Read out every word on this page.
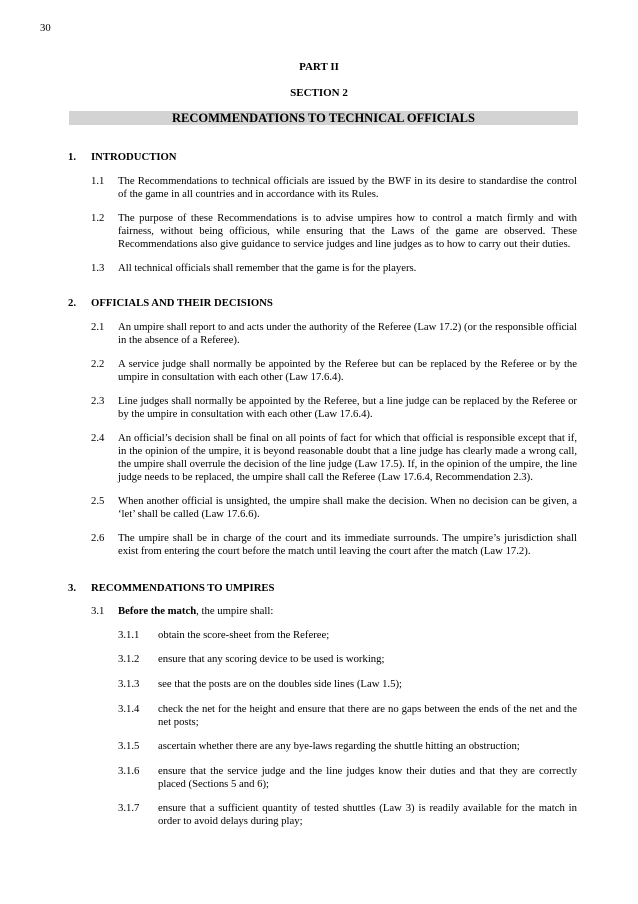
30
PART II
SECTION 2
RECOMMENDATIONS TO TECHNICAL OFFICIALS
1. INTRODUCTION
1.1 The Recommendations to technical officials are issued by the BWF in its desire to standardise the control of the game in all countries and in accordance with its Rules.
1.2 The purpose of these Recommendations is to advise umpires how to control a match firmly and with fairness, without being officious, while ensuring that the Laws of the game are observed. These Recommendations also give guidance to service judges and line judges as to how to carry out their duties.
1.3 All technical officials shall remember that the game is for the players.
2. OFFICIALS AND THEIR DECISIONS
2.1 An umpire shall report to and acts under the authority of the Referee (Law 17.2) (or the responsible official in the absence of a Referee).
2.2 A service judge shall normally be appointed by the Referee but can be replaced by the Referee or by the umpire in consultation with each other (Law 17.6.4).
2.3 Line judges shall normally be appointed by the Referee, but a line judge can be replaced by the Referee or by the umpire in consultation with each other (Law 17.6.4).
2.4 An official’s decision shall be final on all points of fact for which that official is responsible except that if, in the opinion of the umpire, it is beyond reasonable doubt that a line judge has clearly made a wrong call, the umpire shall overrule the decision of the line judge (Law 17.5). If, in the opinion of the umpire, the line judge needs to be replaced, the umpire shall call the Referee (Law 17.6.4, Recommendation 2.3).
2.5 When another official is unsighted, the umpire shall make the decision. When no decision can be given, a ‘let’ shall be called (Law 17.6.6).
2.6 The umpire shall be in charge of the court and its immediate surrounds. The umpire’s jurisdiction shall exist from entering the court before the match until leaving the court after the match (Law 17.2).
3. RECOMMENDATIONS TO UMPIRES
3.1 Before the match, the umpire shall:
3.1.1 obtain the score-sheet from the Referee;
3.1.2 ensure that any scoring device to be used is working;
3.1.3 see that the posts are on the doubles side lines (Law 1.5);
3.1.4 check the net for the height and ensure that there are no gaps between the ends of the net and the net posts;
3.1.5 ascertain whether there are any bye-laws regarding the shuttle hitting an obstruction;
3.1.6 ensure that the service judge and the line judges know their duties and that they are correctly placed (Sections 5 and 6);
3.1.7 ensure that a sufficient quantity of tested shuttles (Law 3) is readily available for the match in order to avoid delays during play;
